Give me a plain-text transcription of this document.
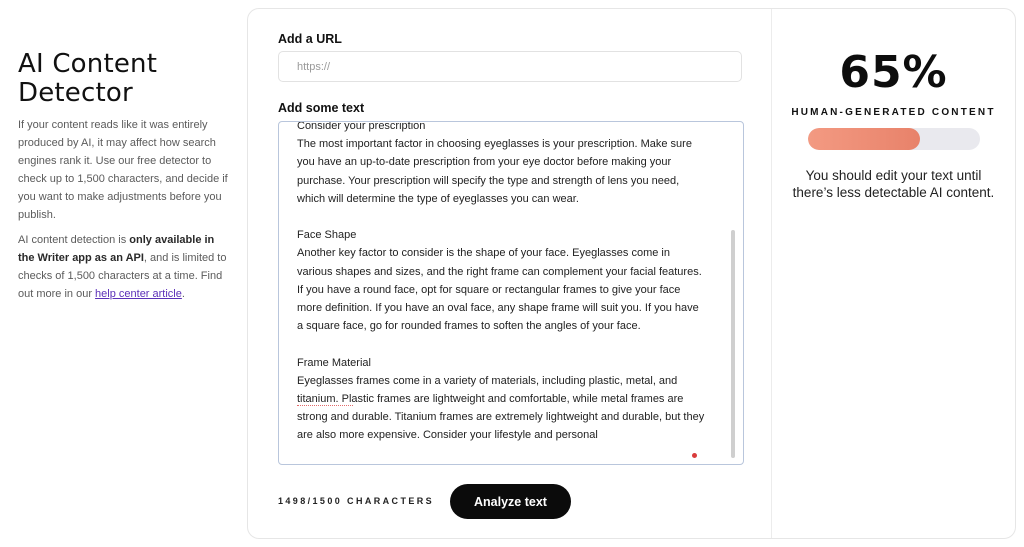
AI Content Detector

If your content reads like it was entirely produced by AI, it may affect how search engines rank it. Use our free detector to check up to 1,500 characters, and decide if you want to make adjustments before you publish.

AI content detection is only available in the Writer app as an API, and is limited to checks of 1,500 characters at a time. Find out more in our help center article.

Add a URL
https://
Add some text
Consider your prescription
The most important factor in choosing eyeglasses is your prescription. Make sure you have an up-to-date prescription from your eye doctor before making your purchase. Your prescription will specify the type and strength of lens you need, which will determine the type of eyeglasses you can wear.

Face Shape
Another key factor to consider is the shape of your face. Eyeglasses come in various shapes and sizes, and the right frame can complement your facial features. If you have a round face, opt for square or rectangular frames to give your face more definition. If you have an oval face, any shape frame will suit you. If you have a square face, go for rounded frames to soften the angles of your face.

Frame Material
Eyeglasses frames come in a variety of materials, including plastic, metal, and titanium. Plastic frames are lightweight and comfortable, while metal frames are strong and durable. Titanium frames are extremely lightweight and durable, but they are also more expensive. Consider your lifestyle and personal
1498/1500 CHARACTERS	Analyze text
65%
HUMAN-GENERATED CONTENT
You should edit your text until there’s less detectable AI content.
